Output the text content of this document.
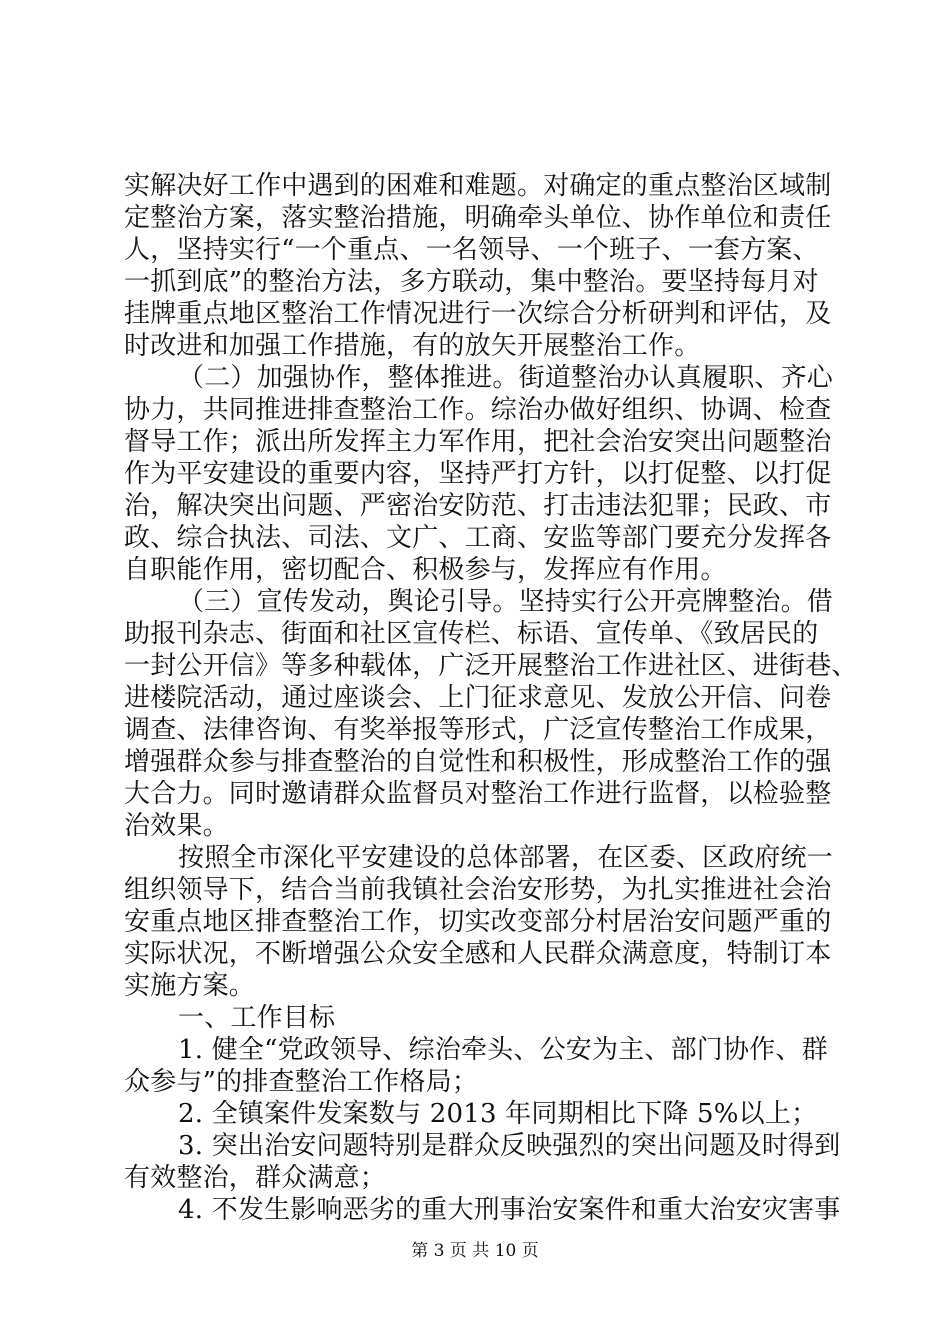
实解决好工作中遇到的困难和难题。对确定的重点整治区域制
定整治方案，落实整治措施，明确牵头单位、协作单位和责任
人，坚持实行“一个重点、一名领导、一个班子、一套方案、
一抓到底”的整治方法，多方联动，集中整治。要坚持每月对
挂牌重点地区整治工作情况进行一次综合分析研判和评估，及
时改进和加强工作措施，有的放矢开展整治工作。
（二）加强协作，整体推进。街道整治办认真履职、齐心
协力，共同推进排查整治工作。综治办做好组织、协调、检查
督导工作；派出所发挥主力军作用，把社会治安突出问题整治
作为平安建设的重要内容，坚持严打方针，以打促整、以打促
治，解决突出问题、严密治安防范、打击违法犯罪；民政、市
政、综合执法、司法、文广、工商、安监等部门要充分发挥各
自职能作用，密切配合、积极参与，发挥应有作用。
（三）宣传发动，舆论引导。坚持实行公开亮牌整治。借
助报刊杂志、街面和社区宣传栏、标语、宣传单、《致居民的
一封公开信》等多种载体，广泛开展整治工作进社区、进街巷、
进楼院活动，通过座谈会、上门征求意见、发放公开信、问卷
调查、法律咨询、有奖举报等形式，广泛宣传整治工作成果，
增强群众参与排查整治的自觉性和积极性，形成整治工作的强
大合力。同时邀请群众监督员对整治工作进行监督，以检验整
治效果。
按照全市深化平安建设的总体部署，在区委、区政府统一
组织领导下，结合当前我镇社会治安形势，为扎实推进社会治
安重点地区排查整治工作，切实改变部分村居治安问题严重的
实际状况，不断增强公众安全感和人民群众满意度，特制订本
实施方案。
一、工作目标
1. 健全“党政领导、综治牵头、公安为主、部门协作、群
众参与”的排查整治工作格局；
2. 全镇案件发案数与 2013 年同期相比下降 5%以上；
3. 突出治安问题特别是群众反映强烈的突出问题及时得到
有效整治，群众满意；
4. 不发生影响恶劣的重大刑事治安案件和重大治安灾害事
第 3 页 共 10 页
